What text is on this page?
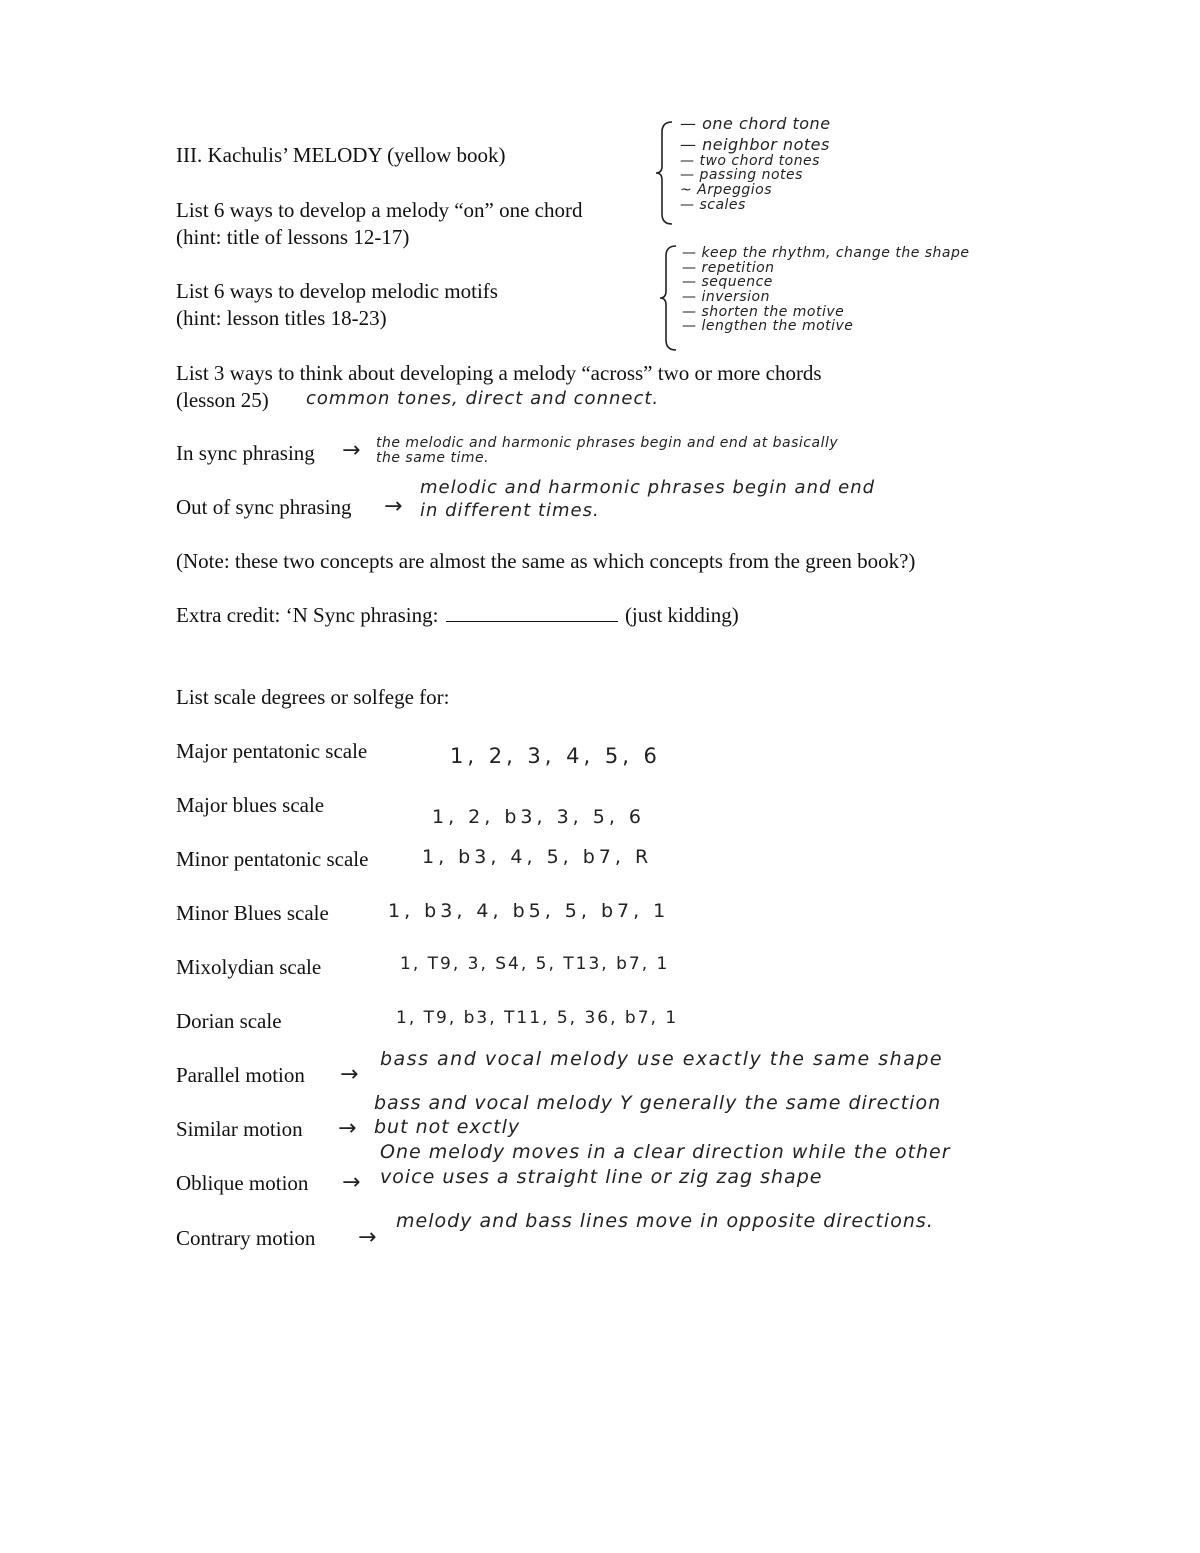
III. Kachulis’ MELODY (yellow book)
List 6 ways to develop a melody “on” one chord
(hint: title of lessons 12-17)
— one chord tone
— neighbor notes
— two chord tones
— passing notes
~ Arpeggios
— scales
List 6 ways to develop melodic motifs
(hint: lesson titles 18-23)
— keep the rhythm, change the shape
— repetition
— sequence
— inversion
— shorten the motive
— lengthen the motive
List 3 ways to think about developing a melody “across” two or more chords
(lesson 25) common tones, direct and connect.
In sync phrasing → the melodic and harmonic phrases begin and end at basically
the same time.
Out of sync phrasing →
melodic and harmonic phrases begin and end
in different times.
(Note: these two concepts are almost the same as which concepts from the green book?)
Extra credit: ‘N Sync phrasing:	(just kidding)
List scale degrees or solfege for:
Major pentatonic scale	1, 2, 3, 4, 5, 6
Major blues scale	1, 2, b3, 3, 5, 6
Minor pentatonic scale	1, b3, 4, 5, b7, R
Minor Blues scale	1, b3, 4, b5, 5, b7, 1
Mixolydian scale	1, T9, 3, S4, 5, T13, b7, 1
Dorian scale	1, T9, b3, T11, 5, 36, b7, 1
Parallel motion →
bass and vocal melody use exactly the same shape
Similar motion →
bass and vocal melody Y generally the same direction
but not exctly
Oblique motion →
One melody moves in a clear direction while the other
voice uses a straight line or zig zag shape
Contrary motion →
melody and bass lines move in opposite directions.
